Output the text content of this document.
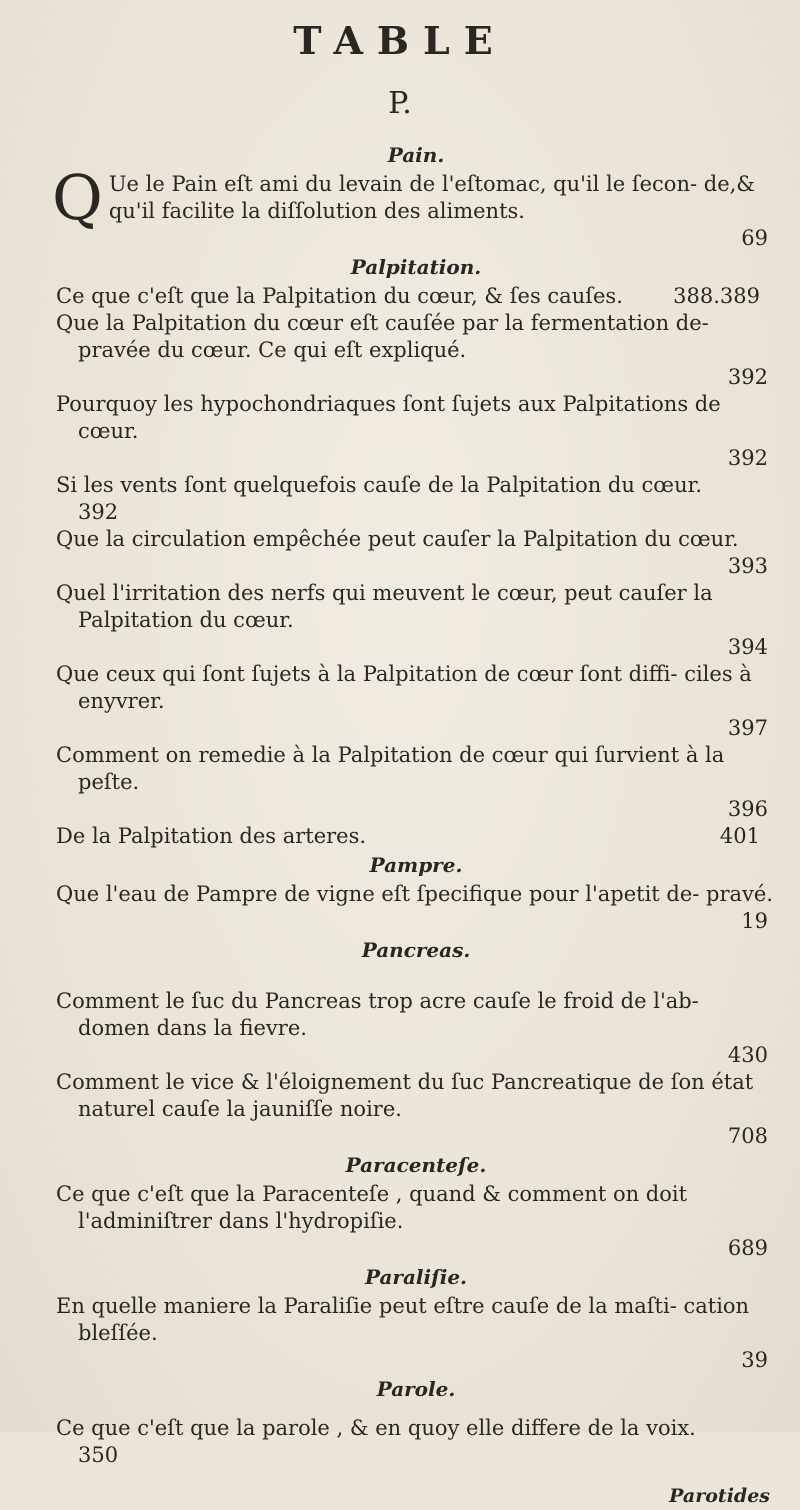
TABLE
P.
Pain.
Q Ue le Pain eſt ami du levain de l'eſtomac, qu'il le ſecon- de,& qu'il facilite la diſſolution des aliments.
69
Palpitation.
Ce que c'eſt que la Palpitation du cœur, & ſes cauſes.	388.389
Que la Palpitation du cœur eſt cauſée par la fermentation de- pravée du cœur. Ce qui eſt expliqué.
392
Pourquoy les hypochondriaques ſont ſujets aux Palpitations de cœur.
392
Si les vents ſont quelquefois cauſe de la Palpitation du cœur.
392
Que la circulation empêchée peut cauſer la Palpitation du cœur.
393
Quel l'irritation des nerfs qui meuvent le cœur, peut cauſer la Palpitation du cœur.
394
Que ceux qui ſont ſujets à la Palpitation de cœur ſont diffi- ciles à enyvrer.
397
Comment on remedie à la Palpitation de cœur qui ſurvient à la peſte.
396
De la Palpitation des arteres.	401
Pampre.
Que l'eau de Pampre de vigne eſt ſpecifique pour l'apetit de- pravé.
19
Pancreas.
Comment le ſuc du Pancreas trop acre cauſe le froid de l'ab- domen dans la fievre.
430
Comment le vice & l'éloignement du ſuc Pancreatique de ſon état naturel cauſe la jauniſſe noire.
708
Paracenteſe.
Ce que c'eſt que la Paracenteſe , quand & comment on doit l'adminiſtrer dans l'hydropiſie.
689
Paraliſie.
En quelle maniere la Paraliſie peut eſtre cauſe de la maſti- cation bleſſée.
39
Parole.
Ce que c'eſt que la parole , & en quoy elle differe de la voix.
350
Parotides
